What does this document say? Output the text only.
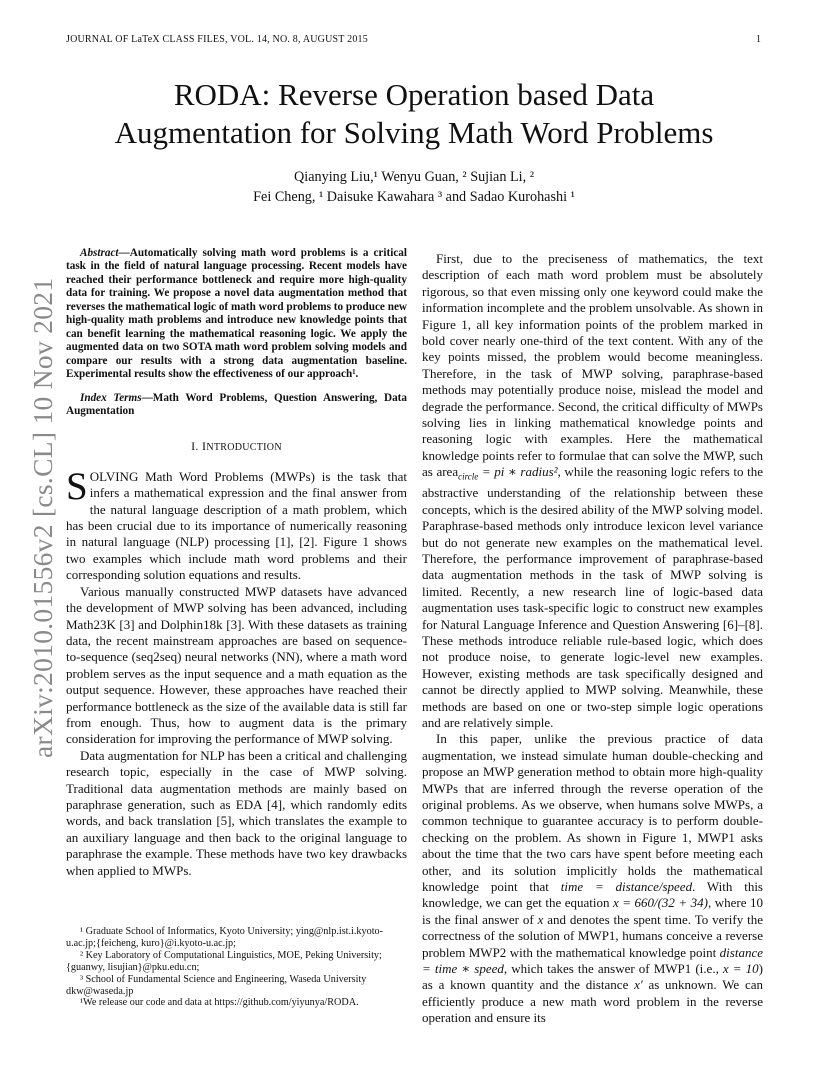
JOURNAL OF LaTeX CLASS FILES, VOL. 14, NO. 8, AUGUST 2015	1
arXiv:2010.01556v2 [cs.CL] 10 Nov 2021
RODA: Reverse Operation based Data
Augmentation for Solving Math Word Problems
Qianying Liu,¹ Wenyu Guan, ² Sujian Li, ²
Fei Cheng, ¹ Daisuke Kawahara ³ and Sadao Kurohashi ¹

Abstract—Automatically solving math word problems is a critical task in the field of natural language processing. Recent models have reached their performance bottleneck and require more high-quality data for training. We propose a novel data augmentation method that reverses the mathematical logic of math word problems to produce new high-quality math problems and introduce new knowledge points that can benefit learning the mathematical reasoning logic. We apply the augmented data on two SOTA math word problem solving models and compare our results with a strong data augmentation baseline. Experimental results show the effectiveness of our approach¹.

Index Terms—Math Word Problems, Question Answering, Data Augmentation

I. INTRODUCTION

SOLVING Math Word Problems (MWPs) is the task that infers a mathematical expression and the final answer from the natural language description of a math problem, which has been crucial due to its importance of numerically reasoning in natural language (NLP) processing [1], [2]. Figure 1 shows two examples which include math word problems and their corresponding solution equations and results.

Various manually constructed MWP datasets have advanced the development of MWP solving has been advanced, including Math23K [3] and Dolphin18k [3]. With these datasets as training data, the recent mainstream approaches are based on sequence-to-sequence (seq2seq) neural networks (NN), where a math word problem serves as the input sequence and a math equation as the output sequence. However, these approaches have reached their performance bottleneck as the size of the available data is still far from enough. Thus, how to augment data is the primary consideration for improving the performance of MWP solving.

Data augmentation for NLP has been a critical and challenging research topic, especially in the case of MWP solving. Traditional data augmentation methods are mainly based on paraphrase generation, such as EDA [4], which randomly edits words, and back translation [5], which translates the example to an auxiliary language and then back to the original language to paraphrase the example. These methods have two key drawbacks when applied to MWPs.

¹ Graduate School of Informatics, Kyoto University; ying@nlp.ist.i.kyoto-u.ac.jp;{feicheng, kuro}@i.kyoto-u.ac.jp;
² Key Laboratory of Computational Linguistics, MOE, Peking University; {guanwy, lisujian}@pku.edu.cn;
³ School of Fundamental Science and Engineering, Waseda University dkw@waseda.jp
¹We release our code and data at https://github.com/yiyunya/RODA.

First, due to the preciseness of mathematics, the text description of each math word problem must be absolutely rigorous, so that even missing only one keyword could make the information incomplete and the problem unsolvable. As shown in Figure 1, all key information points of the problem marked in bold cover nearly one-third of the text content. With any of the key points missed, the problem would become meaningless. Therefore, in the task of MWP solving, paraphrase-based methods may potentially produce noise, mislead the model and degrade the performance. Second, the critical difficulty of MWPs solving lies in linking mathematical knowledge points and reasoning logic with examples. Here the mathematical knowledge points refer to formulae that can solve the MWP, such as area$_{circle}$ = pi ∗ radius², while the reasoning logic refers to the abstractive understanding of the relationship between these concepts, which is the desired ability of the MWP solving model. Paraphrase-based methods only introduce lexicon level variance but do not generate new examples on the mathematical level. Therefore, the performance improvement of paraphrase-based data augmentation methods in the task of MWP solving is limited. Recently, a new research line of logic-based data augmentation uses task-specific logic to construct new examples for Natural Language Inference and Question Answering [6]–[8]. These methods introduce reliable rule-based logic, which does not produce noise, to generate logic-level new examples. However, existing methods are task specifically designed and cannot be directly applied to MWP solving. Meanwhile, these methods are based on one or two-step simple logic operations and are relatively simple.

In this paper, unlike the previous practice of data augmentation, we instead simulate human double-checking and propose an MWP generation method to obtain more high-quality MWPs that are inferred through the reverse operation of the original problems. As we observe, when humans solve MWPs, a common technique to guarantee accuracy is to perform double-checking on the problem. As shown in Figure 1, MWP1 asks about the time that the two cars have spent before meeting each other, and its solution implicitly holds the mathematical knowledge point that time = distance/speed. With this knowledge, we can get the equation x = 660/(32 + 34), where 10 is the final answer of x and denotes the spent time. To verify the correctness of the solution of MWP1, humans conceive a reverse problem MWP2 with the mathematical knowledge point distance = time ∗ speed, which takes the answer of MWP1 (i.e., x = 10) as a known quantity and the distance x′ as unknown. We can efficiently produce a new math word problem in the reverse operation and ensure its
